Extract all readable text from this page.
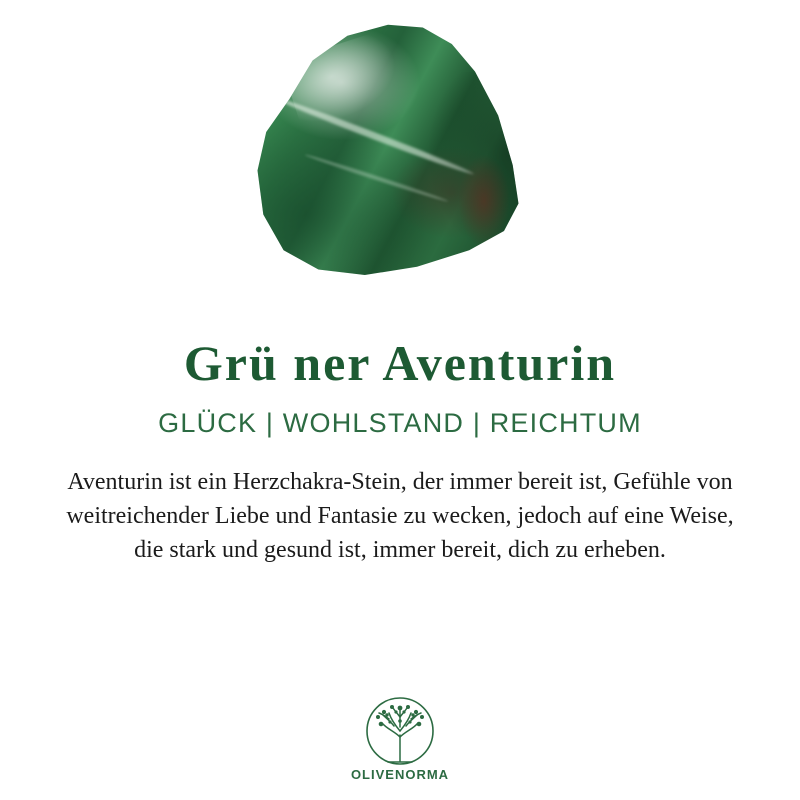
Grü ner Aventurin
GLÜCK | WOHLSTAND | REICHTUM
Aventurin ist ein Herzchakra-Stein, der immer bereit ist, Gefühle von weitreichender Liebe und Fantasie zu wecken, jedoch auf eine Weise, die stark und gesund ist, immer bereit, dich zu erheben.
OLIVENORMA
